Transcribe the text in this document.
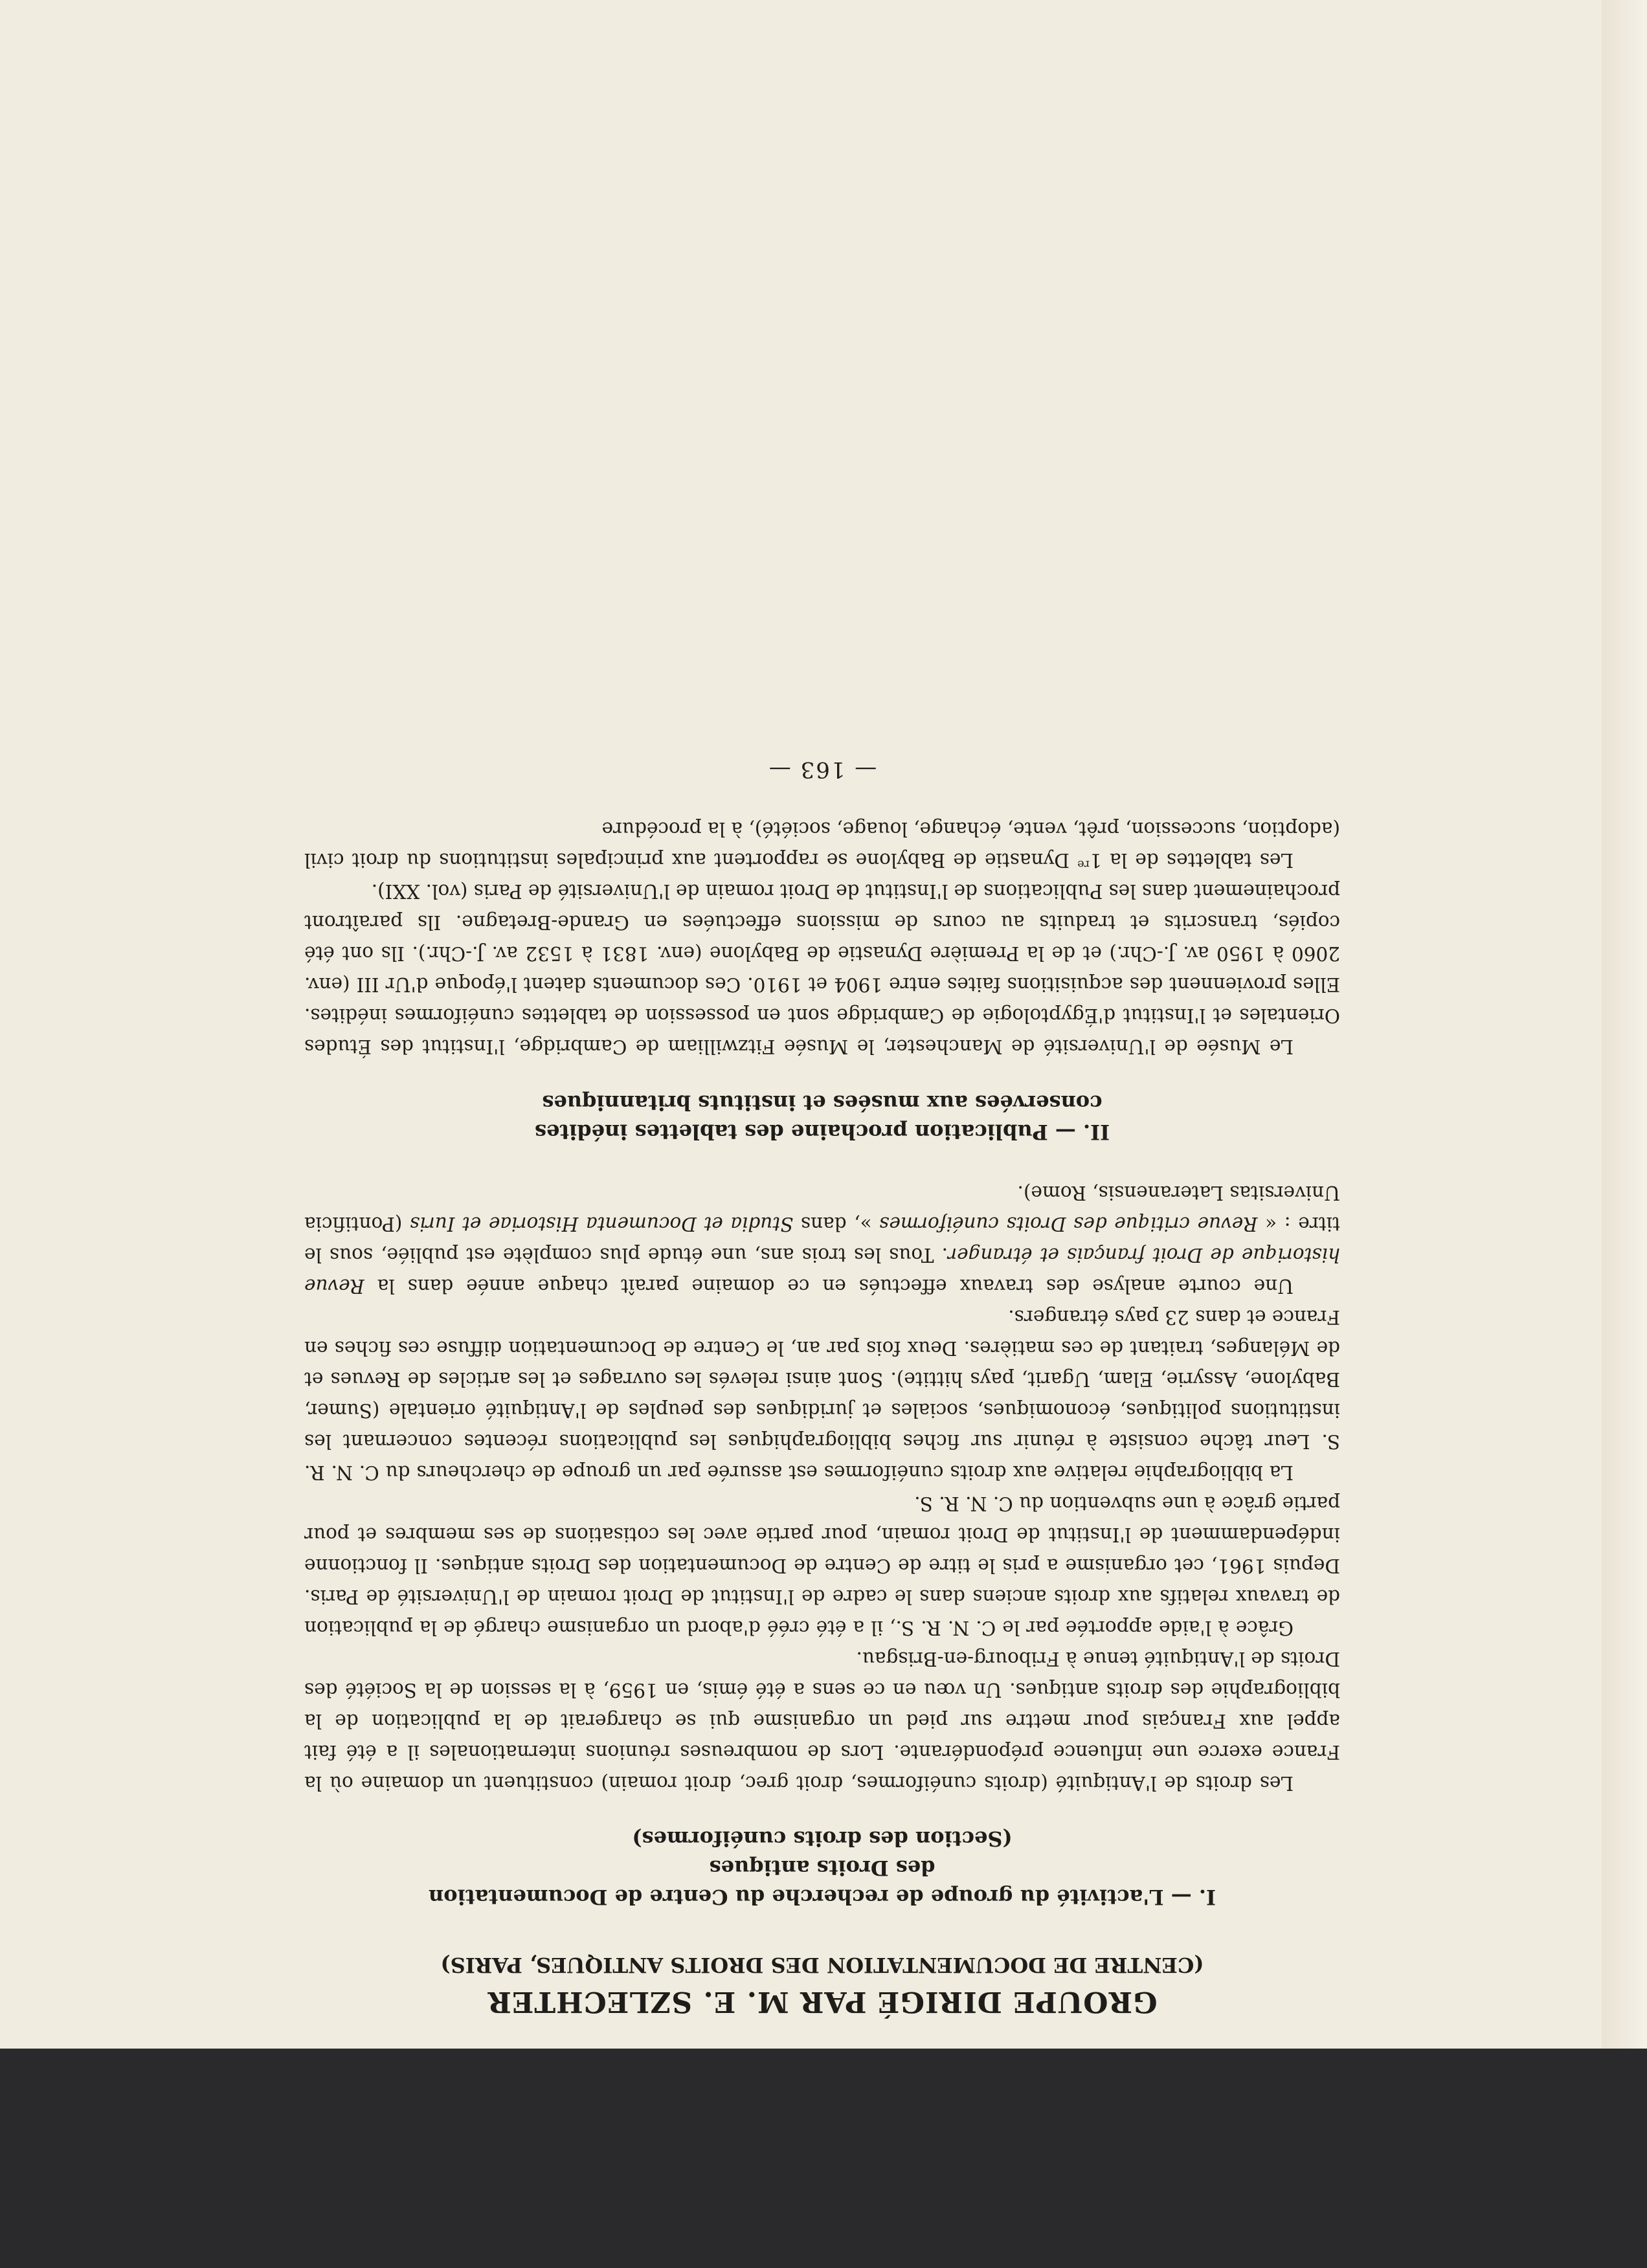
GROUPE DIRIGÉ PAR M. E. SZLECHTER

(CENTRE DE DOCUMENTATION DES DROITS ANTIQUES, PARIS)

I. — L'activité du groupe de recherche du Centre de Documentation
des Droits antiques
(Section des droits cunéiformes)

Les droits de l'Antiquité (droits cunéiformes, droit grec, droit romain) constituent un domaine où la France exerce une influence prépondérante. Lors de nombreuses réunions internationales il a été fait appel aux Français pour mettre sur pied un organisme qui se chargerait de la publication de la bibliographie des droits antiques. Un vœu en ce sens a été émis, en 1959, à la session de la Société des Droits de l'Antiquité tenue à Fribourg-en-Brisgau.

Grâce à l'aide apportée par le C. N. R. S., il a été créé d'abord un organisme chargé de la publication de travaux relatifs aux droits anciens dans le cadre de l'Institut de Droit romain de l'Université de Paris. Depuis 1961, cet organisme a pris le titre de Centre de Documentation des Droits antiques. Il fonctionne indépendamment de l'Institut de Droit romain, pour partie avec les cotisations de ses membres et pour partie grâce à une subvention du C. N. R. S.

La bibliographie relative aux droits cunéiformes est assurée par un groupe de chercheurs du C. N. R. S. Leur tâche consiste à réunir sur fiches bibliographiques les publications récentes concernant les institutions politiques, économiques, sociales et juridiques des peuples de l'Antiquité orientale (Sumer, Babylone, Assyrie, Elam, Ugarit, pays hittite). Sont ainsi relevés les ouvrages et les articles de Revues et de Mélanges, traitant de ces matières. Deux fois par an, le Centre de Documentation diffuse ces fiches en France et dans 23 pays étrangers.

Une courte analyse des travaux effectués en ce domaine paraît chaque année dans la Revue historique de Droit français et étranger. Tous les trois ans, une étude plus complète est publiée, sous le titre : « Revue critique des Droits cunéiformes », dans Studia et Documenta Historiae et Iuris (Pontificia Universitas Lateranensis, Rome).

II. — Publication prochaine des tablettes inédites
conservées aux musées et instituts britanniques

Le Musée de l'Université de Manchester, le Musée Fitzwilliam de Cambridge, l'Institut des Études Orientales et l'Institut d'Égyptologie de Cambridge sont en possession de tablettes cunéiformes inédites. Elles proviennent des acquisitions faites entre 1904 et 1910. Ces documents datent l'époque d'Ur III (env. 2060 à 1950 av. J.-Chr.) et de la Première Dynastie de Babylone (env. 1831 à 1532 av. J.-Chr.). Ils ont été copiés, transcrits et traduits au cours de missions effectuées en Grande-Bretagne. Ils paraîtront prochainement dans les Publications de l'Institut de Droit romain de l'Université de Paris (vol. XXI).

Les tablettes de la 1re Dynastie de Babylone se rapportent aux principales institutions du droit civil (adoption, succession, prêt, vente, échange, louage, société), à la procédure

— 163 —
